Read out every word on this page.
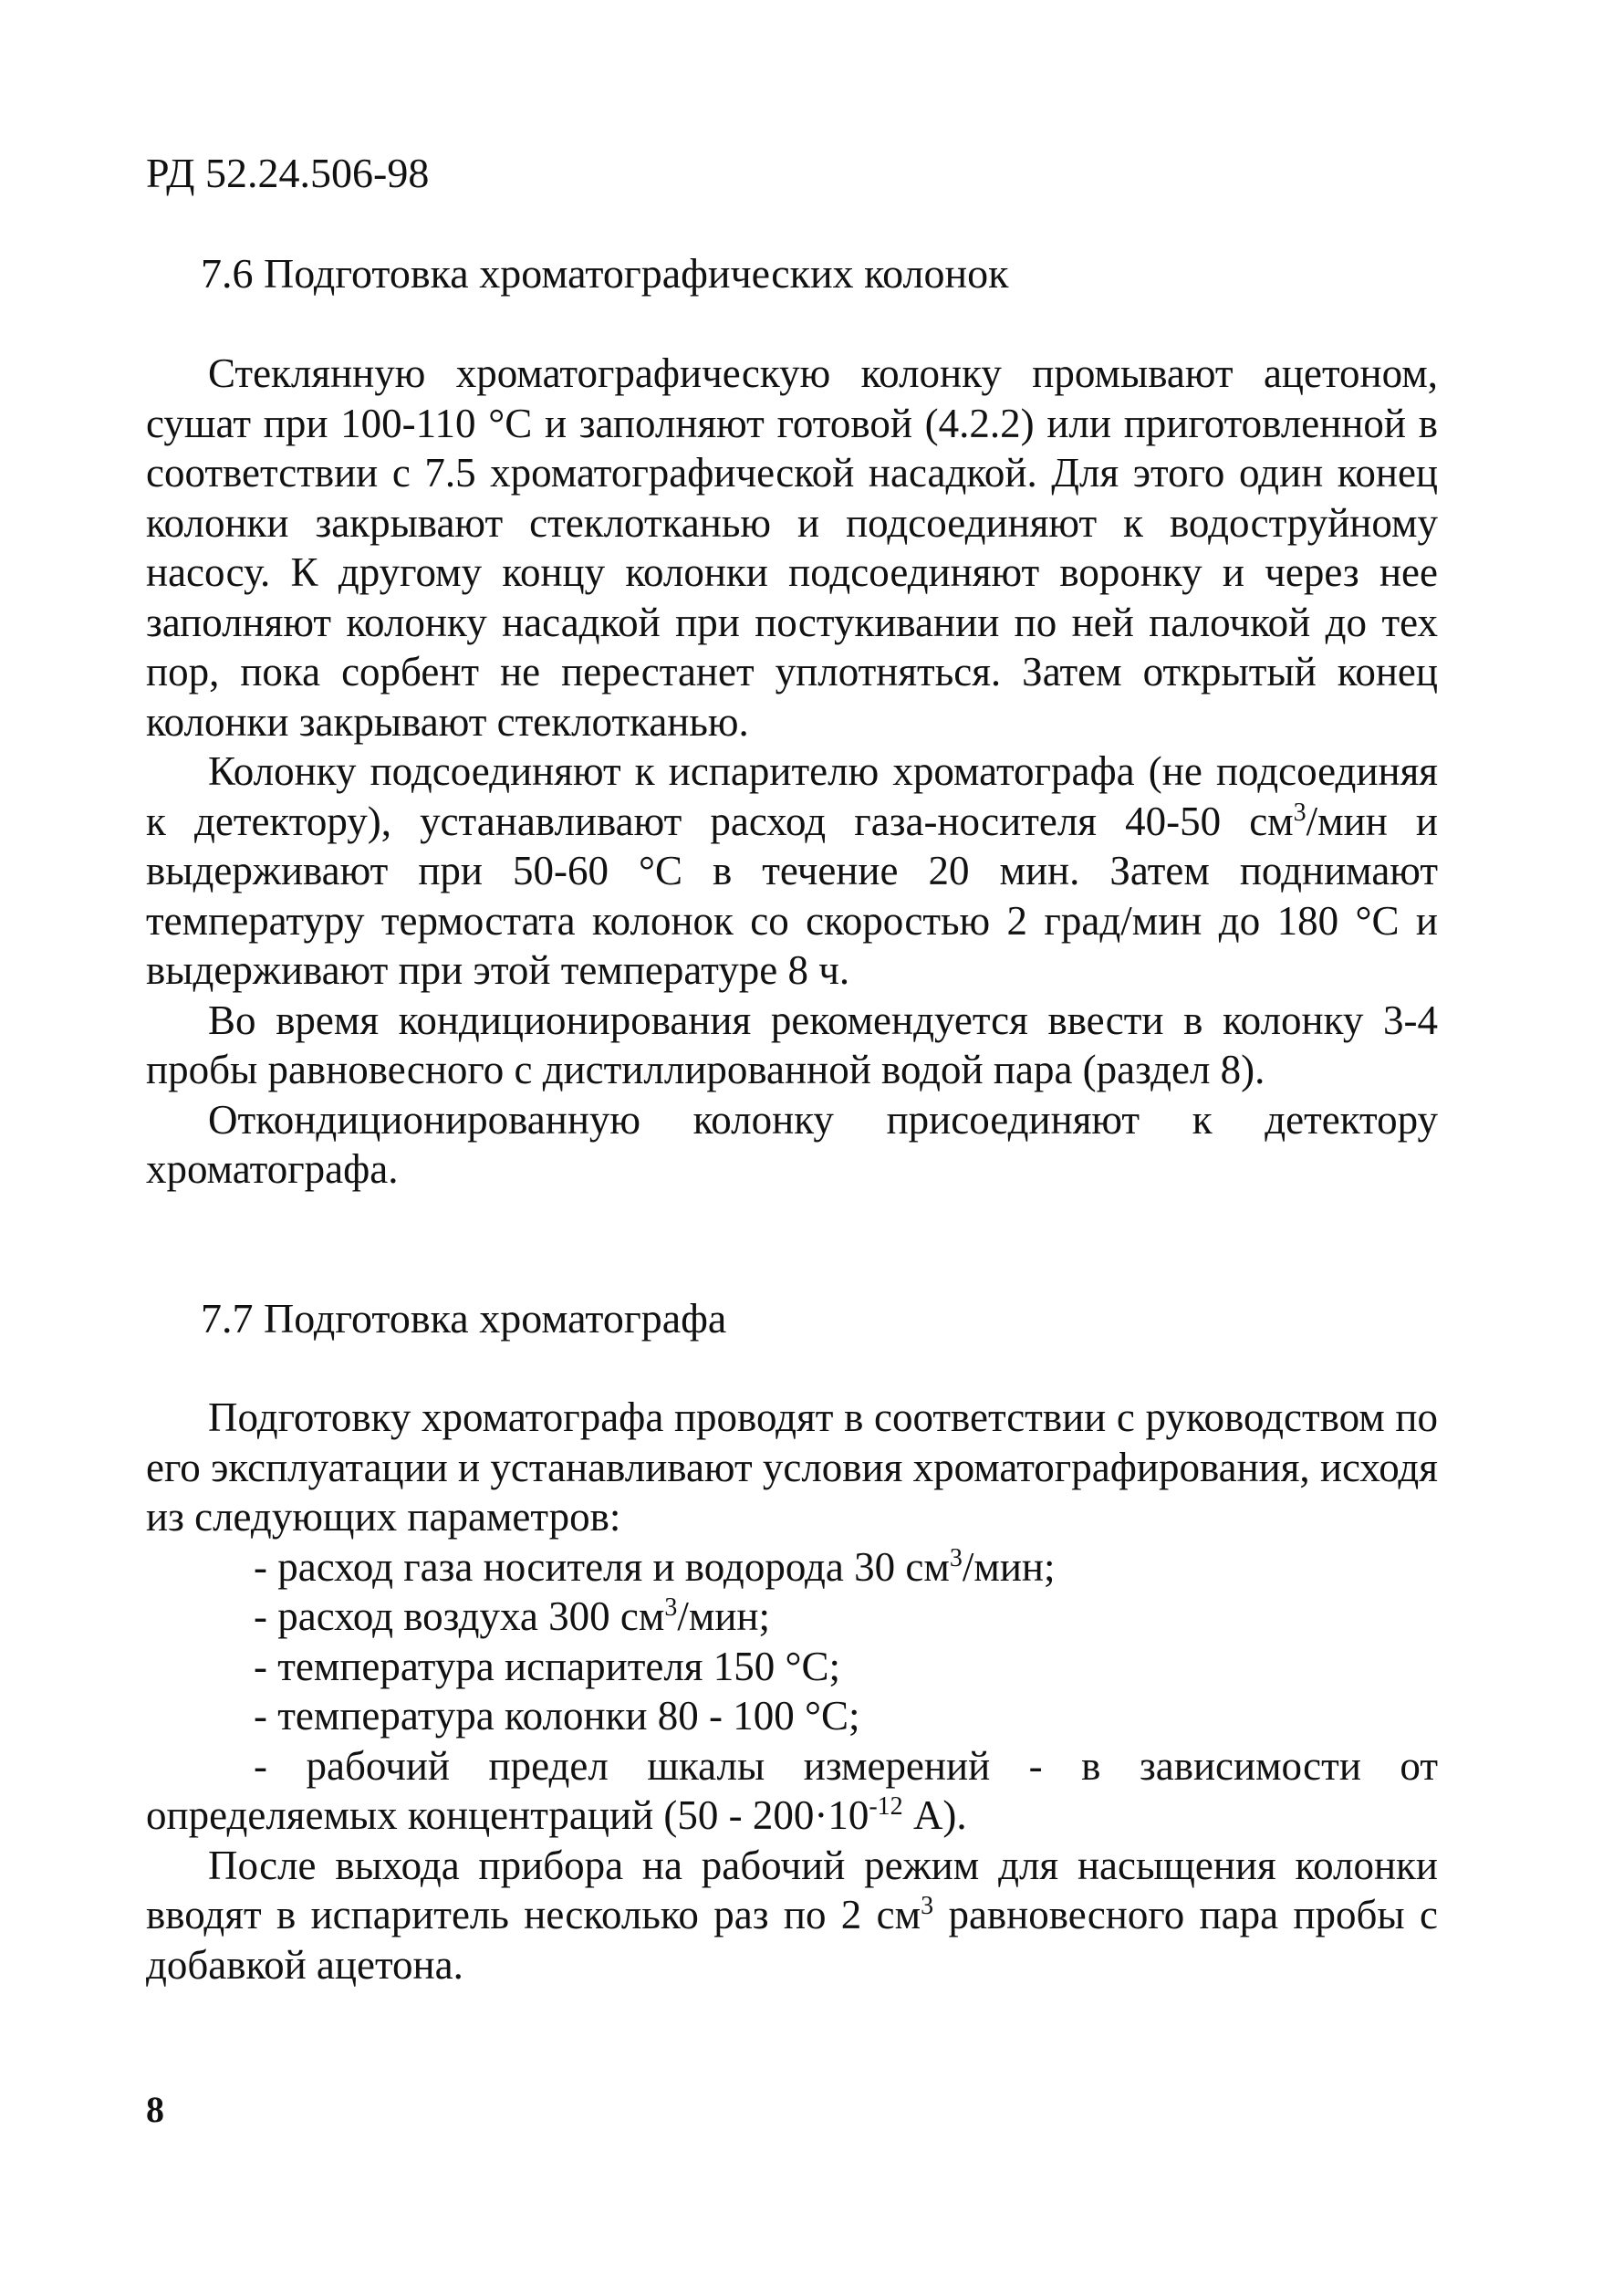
РД 52.24.506-98

7.6 Подготовка хроматографических колонок

Стеклянную хроматографическую колонку промывают ацетоном, сушат при 100-110 °С и заполняют готовой (4.2.2) или приготовленной в соответствии с 7.5 хроматографической насадкой. Для этого один конец колонки закрывают стеклотканью и подсоединяют к водоструйному насосу. К другому концу колонки подсоединяют воронку и через нее заполняют колонку насадкой при постукивании по ней палочкой до тех пор, пока сорбент не перестанет уплотняться. Затем открытый конец колонки закрывают стеклотканью.

Колонку подсоединяют к испарителю хроматографа (не подсоединяя к детектору), устанавливают расход газа-носителя 40-50 $см^3$/мин и выдерживают при 50-60 °С в течение 20 мин. Затем поднимают температуру термостата колонок со скоростью 2 град/мин до 180 °С и выдерживают при этой температуре 8 ч.

Во время кондиционирования рекомендуется ввести в колонку 3-4 пробы равновесного с дистиллированной водой пара (раздел 8).

Откондиционированную колонку присоединяют к детектору хроматографа.

7.7 Подготовка хроматографа

Подготовку хроматографа проводят в соответствии с руководством по его эксплуатации и устанавливают условия хроматографирования, исходя из следующих параметров:

- расход газа носителя и водорода 30 $см^3$/мин;
- расход воздуха 300 $см^3$/мин;
- температура испарителя 150 °С;
- температура колонки 80 - 100 °С;
- рабочий предел шкалы измерений - в зависимости от определяемых концентраций ($50 - 200\cdot 10^{-12}$ А).

После выхода прибора на рабочий режим для насыщения колонки вводят в испаритель несколько раз по 2 $см^3$ равновесного пара пробы с добавкой ацетона.

8
